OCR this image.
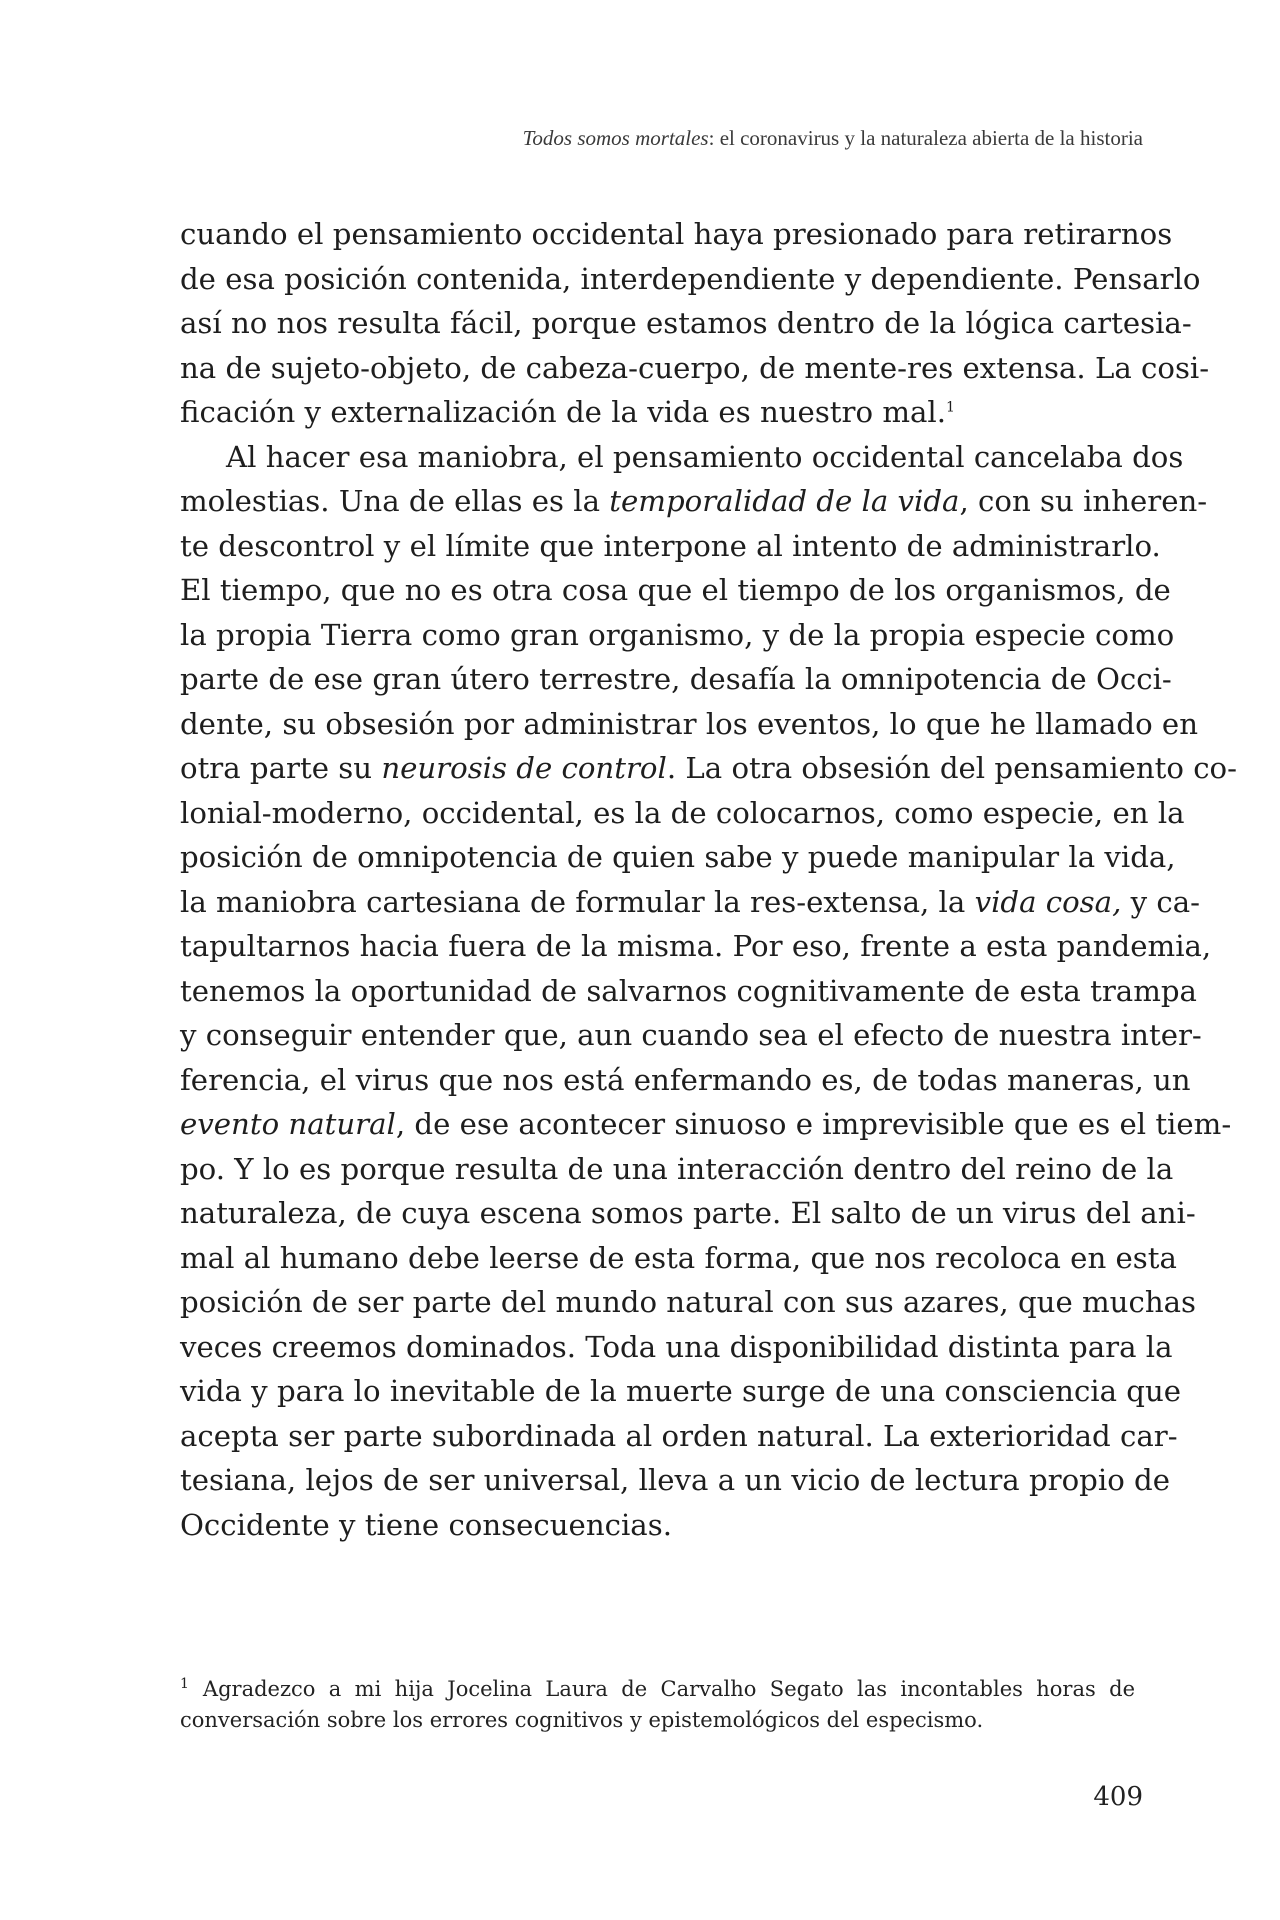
Todos somos mortales: el coronavirus y la naturaleza abierta de la historia
cuando el pensamiento occidental haya presionado para retirarnos
de esa posición contenida, interdependiente y dependiente. Pensarlo
así no nos resulta fácil, porque estamos dentro de la lógica cartesia-
na de sujeto-objeto, de cabeza-cuerpo, de mente-res extensa. La cosi-
ficación y externalización de la vida es nuestro mal.$^1$
Al hacer esa maniobra, el pensamiento occidental cancelaba dos
molestias. Una de ellas es la temporalidad de la vida, con su inheren-
te descontrol y el límite que interpone al intento de administrarlo.
El tiempo, que no es otra cosa que el tiempo de los organismos, de
la propia Tierra como gran organismo, y de la propia especie como
parte de ese gran útero terrestre, desafía la omnipotencia de Occi-
dente, su obsesión por administrar los eventos, lo que he llamado en
otra parte su neurosis de control. La otra obsesión del pensamiento co-
lonial-moderno, occidental, es la de colocarnos, como especie, en la
posición de omnipotencia de quien sabe y puede manipular la vida,
la maniobra cartesiana de formular la res-extensa, la vida cosa, y ca-
tapultarnos hacia fuera de la misma. Por eso, frente a esta pandemia,
tenemos la oportunidad de salvarnos cognitivamente de esta trampa
y conseguir entender que, aun cuando sea el efecto de nuestra inter-
ferencia, el virus que nos está enfermando es, de todas maneras, un
evento natural, de ese acontecer sinuoso e imprevisible que es el tiem-
po. Y lo es porque resulta de una interacción dentro del reino de la
naturaleza, de cuya escena somos parte. El salto de un virus del ani-
mal al humano debe leerse de esta forma, que nos recoloca en esta
posición de ser parte del mundo natural con sus azares, que muchas
veces creemos dominados. Toda una disponibilidad distinta para la
vida y para lo inevitable de la muerte surge de una consciencia que
acepta ser parte subordinada al orden natural. La exterioridad car-
tesiana, lejos de ser universal, lleva a un vicio de lectura propio de
Occidente y tiene consecuencias.
$^1$ Agradezco a mi hija Jocelina Laura de Carvalho Segato las incontables horas de
conversación sobre los errores cognitivos y epistemológicos del especismo.
409
